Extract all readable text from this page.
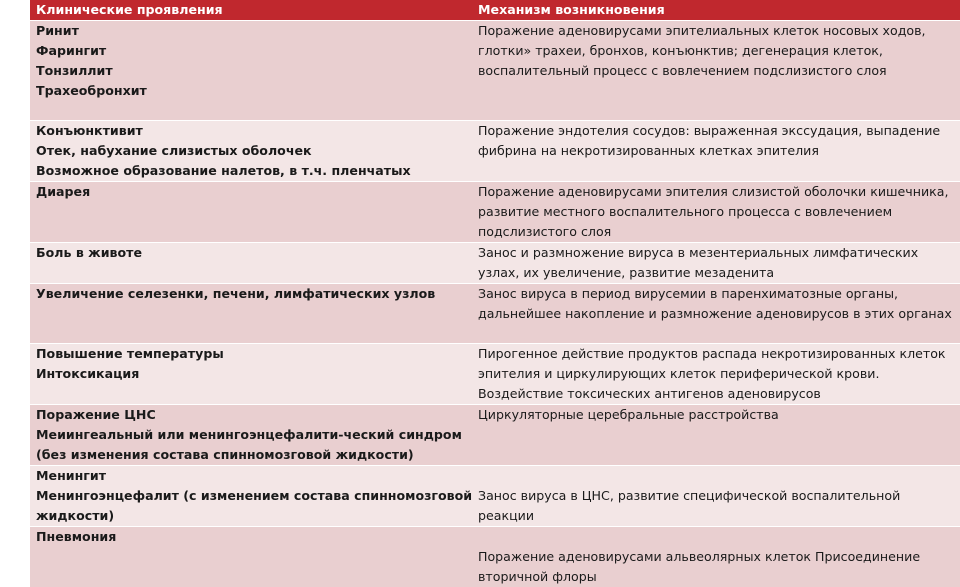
Клинические проявления	Механизм возникновения

Ринит
Фарингит
Тонзиллит
Трахеобронхит	Поражение аденовирусами эпителиальных клеток носовых ходов,
глотки» трахеи, бронхов, конъюнктив; дегенерация клеток,
воспалительный процесс с вовлечением подслизистого слоя

Конъюнктивит
Отек, набухание слизистых оболочек
Возможное образование налетов, в т.ч. пленчатых	Поражение эндотелия сосудов: выраженная экссудация, выпадение
фибрина на некротизированных клетках эпителия

Диарея	Поражение аденовирусами эпителия слизистой оболочки кишечника,
развитие местного воспалительного процесса с вовлечением
подслизистого слоя

Боль в животе	Занос и размножение вируса в мезентериальных лимфатических
узлах, их увеличение, развитие мезаденита

Увеличение селезенки, печени, лимфатических узлов	Занос вируса в период вирусемии в паренхиматозные органы,
дальнейшее накопление и размножение аденовирусов в этих органах

Повышение температуры
Интоксикация	Пирогенное действие продуктов распада некротизированных клеток
эпителия и циркулирующих клеток периферической крови.
Воздействие токсических антигенов аденовирусов

Поражение ЦНС
Меиингеальный или менингоэнцефалити-ческий синдром
(без изменения состава спинномозговой жидкости)	Циркуляторные церебральные расстройства

Менингит
Менингоэнцефалит (с изменением состава спинномозговой
жидкости)	Занос вируса в ЦНС, развитие специфической воспалительной
реакции

Пневмония	Поражение аденовирусами альвеолярных клеток Присоединение
вторичной флоры
